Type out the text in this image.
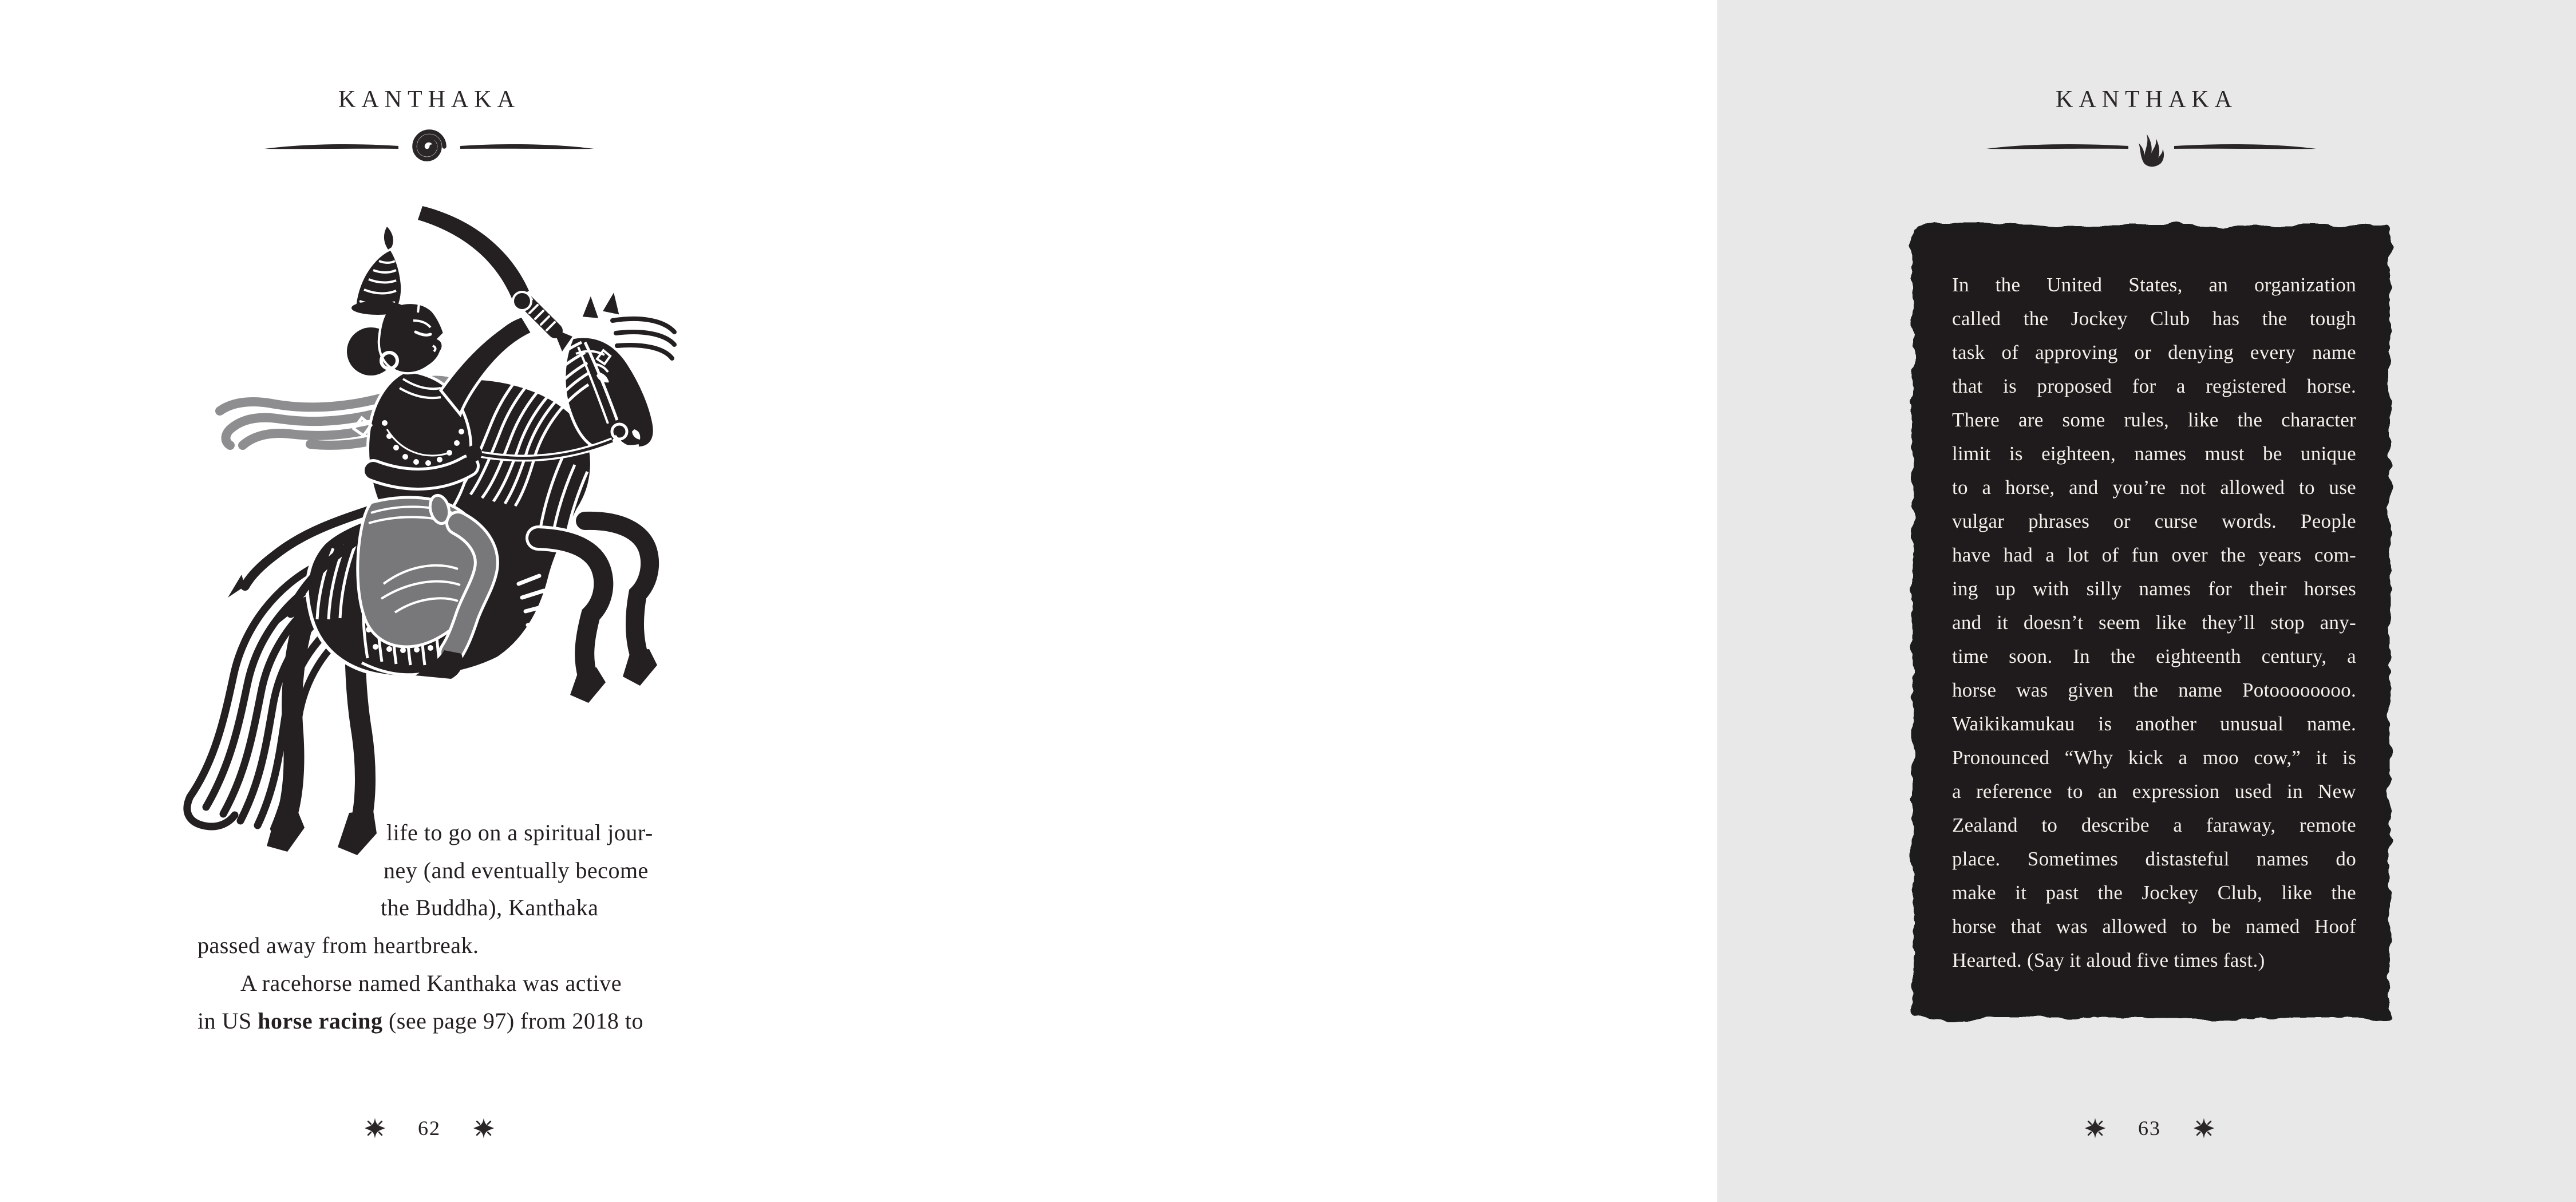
KANTHAKA
life to go on a spiritual jour-
ney (and eventually become
the Buddha), Kanthaka
passed away from heartbreak.
A racehorse named Kanthaka was active
in US horse racing (see page 97) from 2018 to
62
KANTHAKA
In the United States, an organization
called the Jockey Club has the tough
task of approving or denying every name
that is proposed for a registered horse.
There are some rules, like the character
limit is eighteen, names must be unique
to a horse, and you’re not allowed to use
vulgar phrases or curse words. People
have had a lot of fun over the years com-
ing up with silly names for their horses
and it doesn’t seem like they’ll stop any-
time soon. In the eighteenth century, a
horse was given the name Potoooooooo.
Waikikamukau is another unusual name.
Pronounced “Why kick a moo cow,” it is
a reference to an expression used in New
Zealand to describe a faraway, remote
place. Sometimes distasteful names do
make it past the Jockey Club, like the
horse that was allowed to be named Hoof
Hearted. (Say it aloud five times fast.)
63
